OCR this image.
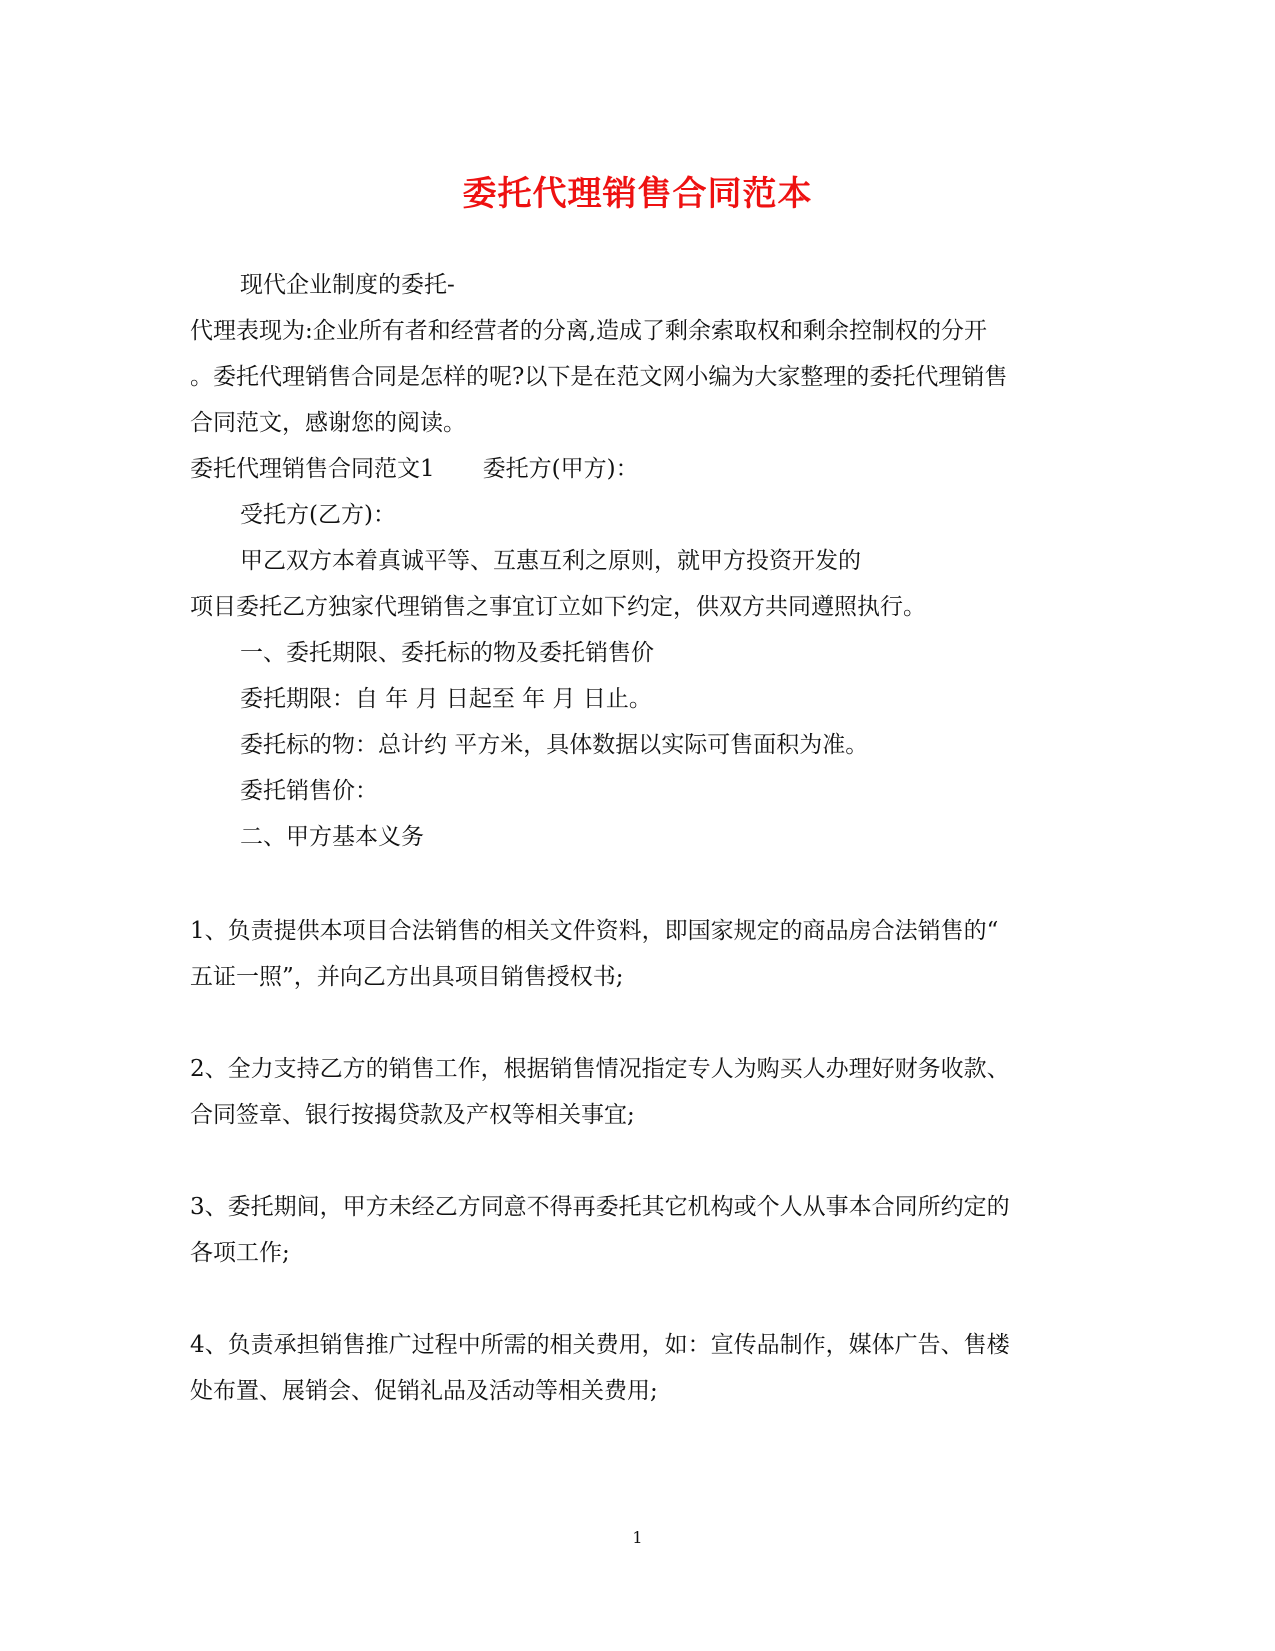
委托代理销售合同范本
现代企业制度的委托-
代理表现为:企业所有者和经营者的分离,造成了剩余索取权和剩余控制权的分开
。委托代理销售合同是怎样的呢?以下是在范文网小编为大家整理的委托代理销售
合同范文，感谢您的阅读。
委托代理销售合同范文1 委托方(甲方)：
受托方(乙方)：
甲乙双方本着真诚平等、互惠互利之原则，就甲方投资开发的
项目委托乙方独家代理销售之事宜订立如下约定，供双方共同遵照执行。
一、委托期限、委托标的物及委托销售价
委托期限：自 年 月 日起至 年 月 日止。
委托标的物：总计约 平方米，具体数据以实际可售面积为准。
委托销售价：
二、甲方基本义务
1、负责提供本项目合法销售的相关文件资料，即国家规定的商品房合法销售的“
五证一照”，并向乙方出具项目销售授权书;
2、全力支持乙方的销售工作，根据销售情况指定专人为购买人办理好财务收款、
合同签章、银行按揭贷款及产权等相关事宜;
3、委托期间，甲方未经乙方同意不得再委托其它机构或个人从事本合同所约定的
各项工作;
4、负责承担销售推广过程中所需的相关费用，如：宣传品制作，媒体广告、售楼
处布置、展销会、促销礼品及活动等相关费用;
1
